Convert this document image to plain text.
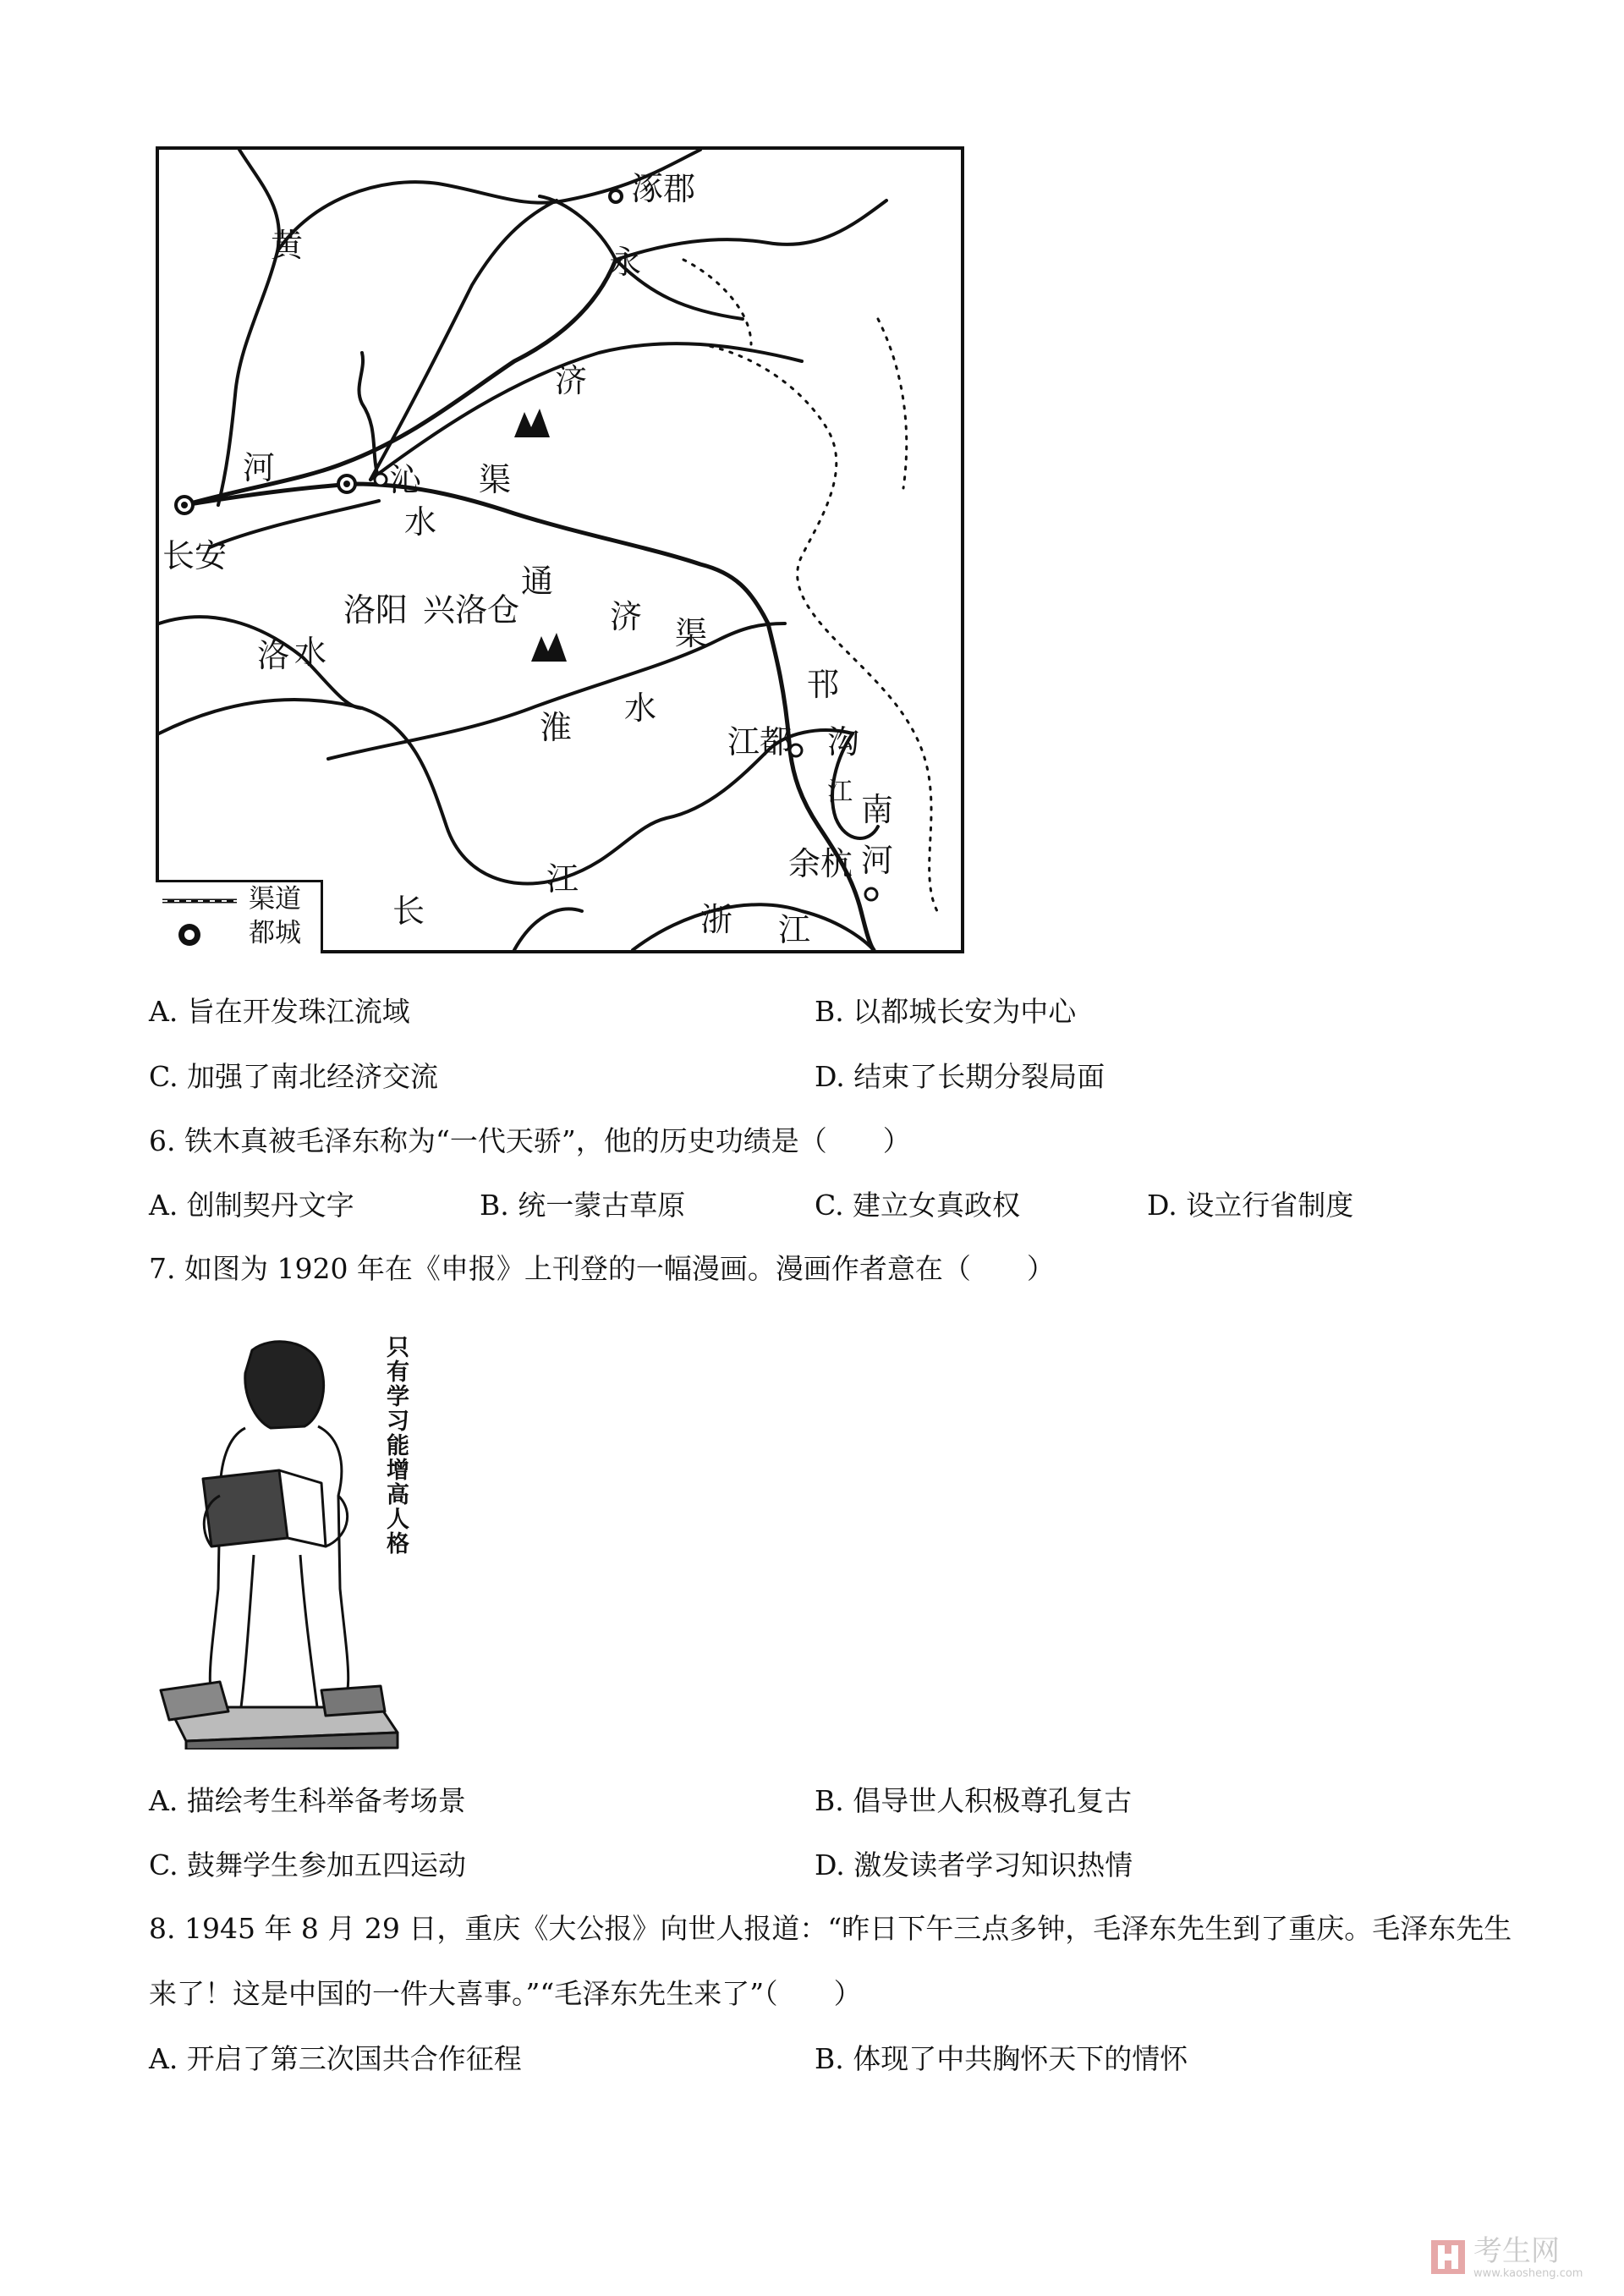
涿郡
黄	永
济
渠
沁
河
水
长安
通
洛阳 兴洛仓	济 渠
洛 水
邗
水
淮	江都 沟
江 南
河
余杭
江
长	浙 江
渠道
都城
A. 旨在开发珠江流域	B. 以都城长安为中心
C. 加强了南北经济交流	D. 结束了长期分裂局面
6. 铁木真被毛泽东称为“一代天骄”，他的历史功绩是（　　）
A. 创制契丹文字	B. 统一蒙古草原	C. 建立女真政权	D. 设立行省制度
7. 如图为 1920 年在《申报》上刊登的一幅漫画。漫画作者意在（　　）
只有学习能增高人格
A. 描绘考生科举备考场景	B. 倡导世人积极尊孔复古
C. 鼓舞学生参加五四运动	D. 激发读者学习知识热情
8. 1945 年 8 月 29 日，重庆《大公报》向世人报道：“昨日下午三点多钟，毛泽东先生到了重庆。毛泽东先生
来了！这是中国的一件大喜事。”“毛泽东先生来了”（　　）
A. 开启了第三次国共合作征程	B. 体现了中共胸怀天下的情怀
考生网
www.kaosheng.com
